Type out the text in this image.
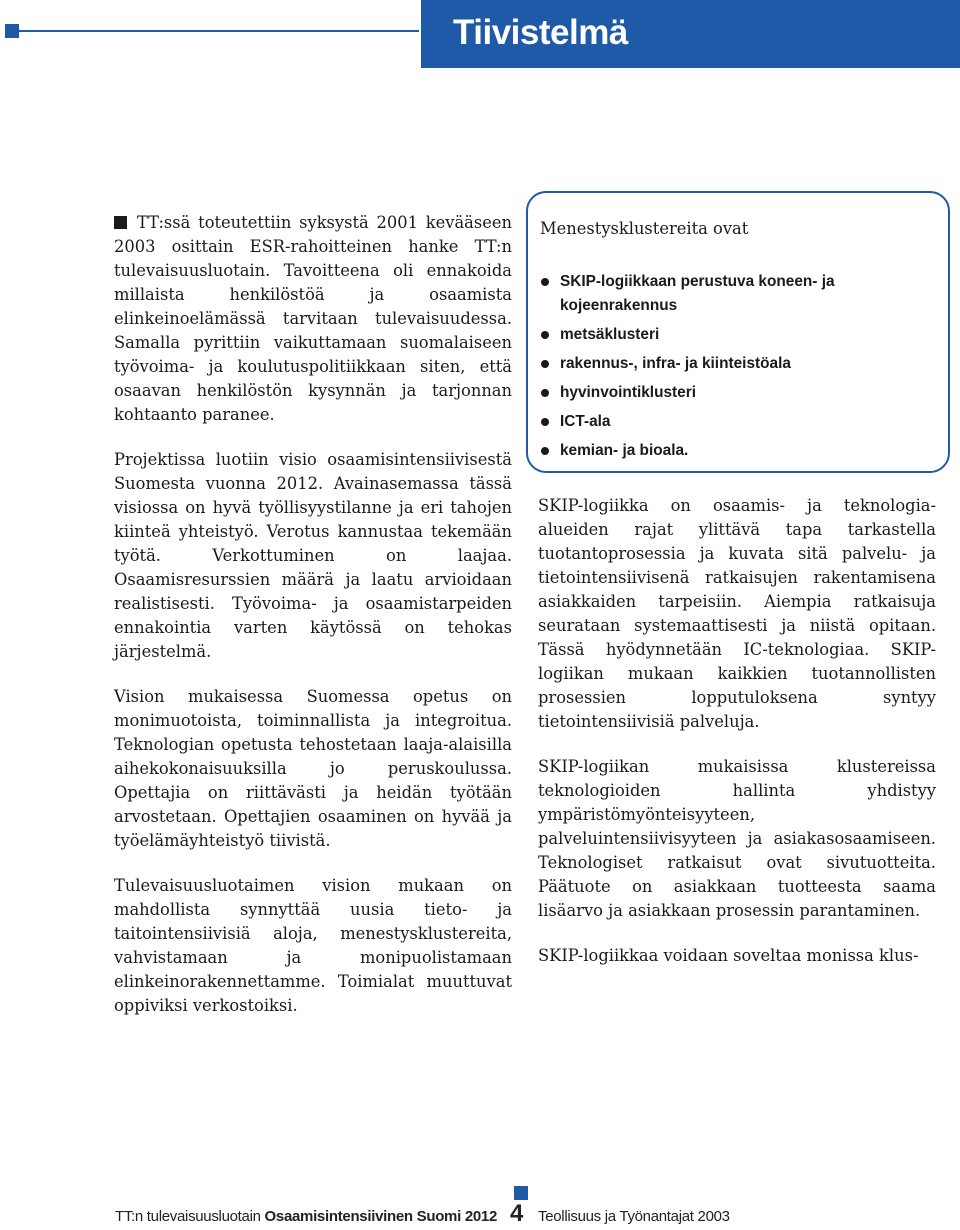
Tiivistelmä

TT:ssä toteutettiin syksystä 2001 kevääseen 2003 osittain ESR-rahoitteinen hanke TT:n tulevaisuusluotain. Tavoitteena oli ennakoida millaista henkilöstöä ja osaamista elinkeinoelämässä tarvitaan tulevaisuudessa. Samalla pyrittiin vaikuttamaan suomalaiseen työvoima- ja koulutuspolitiikkaan siten, että osaavan henkilöstön kysynnän ja tarjonnan kohtaanto paranee.

Projektissa luotiin visio osaamisintensiivisestä Suomesta vuonna 2012. Avainasemassa tässä visiossa on hyvä työllisyystilanne ja eri tahojen kiinteä yhteistyö. Verotus kannustaa tekemään työtä. Verkottuminen on laajaa. Osaamisresurssien määrä ja laatu arvioidaan realistisesti. Työvoima- ja osaamistarpeiden ennakointia varten käytössä on tehokas järjestelmä.

Vision mukaisessa Suomessa opetus on monimuotoista, toiminnallista ja integroitua. Teknologian opetusta tehostetaan laaja-alaisilla aihekokonaisuuksilla jo peruskoulussa. Opettajia on riittävästi ja heidän työtään arvostetaan. Opettajien osaaminen on hyvää ja työelämäyhteistyö tiivistä.

Tulevaisuusluotaimen vision mukaan on mahdollista synnyttää uusia tieto- ja taitointensiivisiä aloja, menestysklustereita, vahvistamaan ja monipuolistamaan elinkeinorakennettamme. Toimialat muuttuvat oppiviksi verkostoiksi.

Menestysklustereita ovat
SKIP-logiikkaan perustuva koneen- ja kojeenrakennus
metsäklusteri
rakennus-, infra- ja kiinteistöala
hyvinvointiklusteri
ICT-ala
kemian- ja bioala.

SKIP-logiikka on osaamis- ja teknologia-alueiden rajat ylittävä tapa tarkastella tuotantoprosessia ja kuvata sitä palvelu- ja tietointensiivisenä ratkaisujen rakentamisena asiakkaiden tarpeisiin. Aiempia ratkaisuja seurataan systemaattisesti ja niistä opitaan. Tässä hyödynnetään IC-teknologiaa. SKIP-logiikan mukaan kaikkien tuotannollisten prosessien lopputuloksena syntyy tietointensiivisiä palveluja.

SKIP-logiikan mukaisissa klustereissa teknologioiden hallinta yhdistyy ympäristömyönteisyyteen, palveluintensiivisyyteen ja asiakasosaamiseen. Teknologiset ratkaisut ovat sivutuotteita. Päätuote on asiakkaan tuotteesta saama lisäarvo ja asiakkaan prosessin parantaminen.

SKIP-logiikkaa voidaan soveltaa monissa klus-

TT:n tulevaisuusluotain Osaamisintensiivinen Suomi 2012 4 Teollisuus ja Työnantajat 2003
